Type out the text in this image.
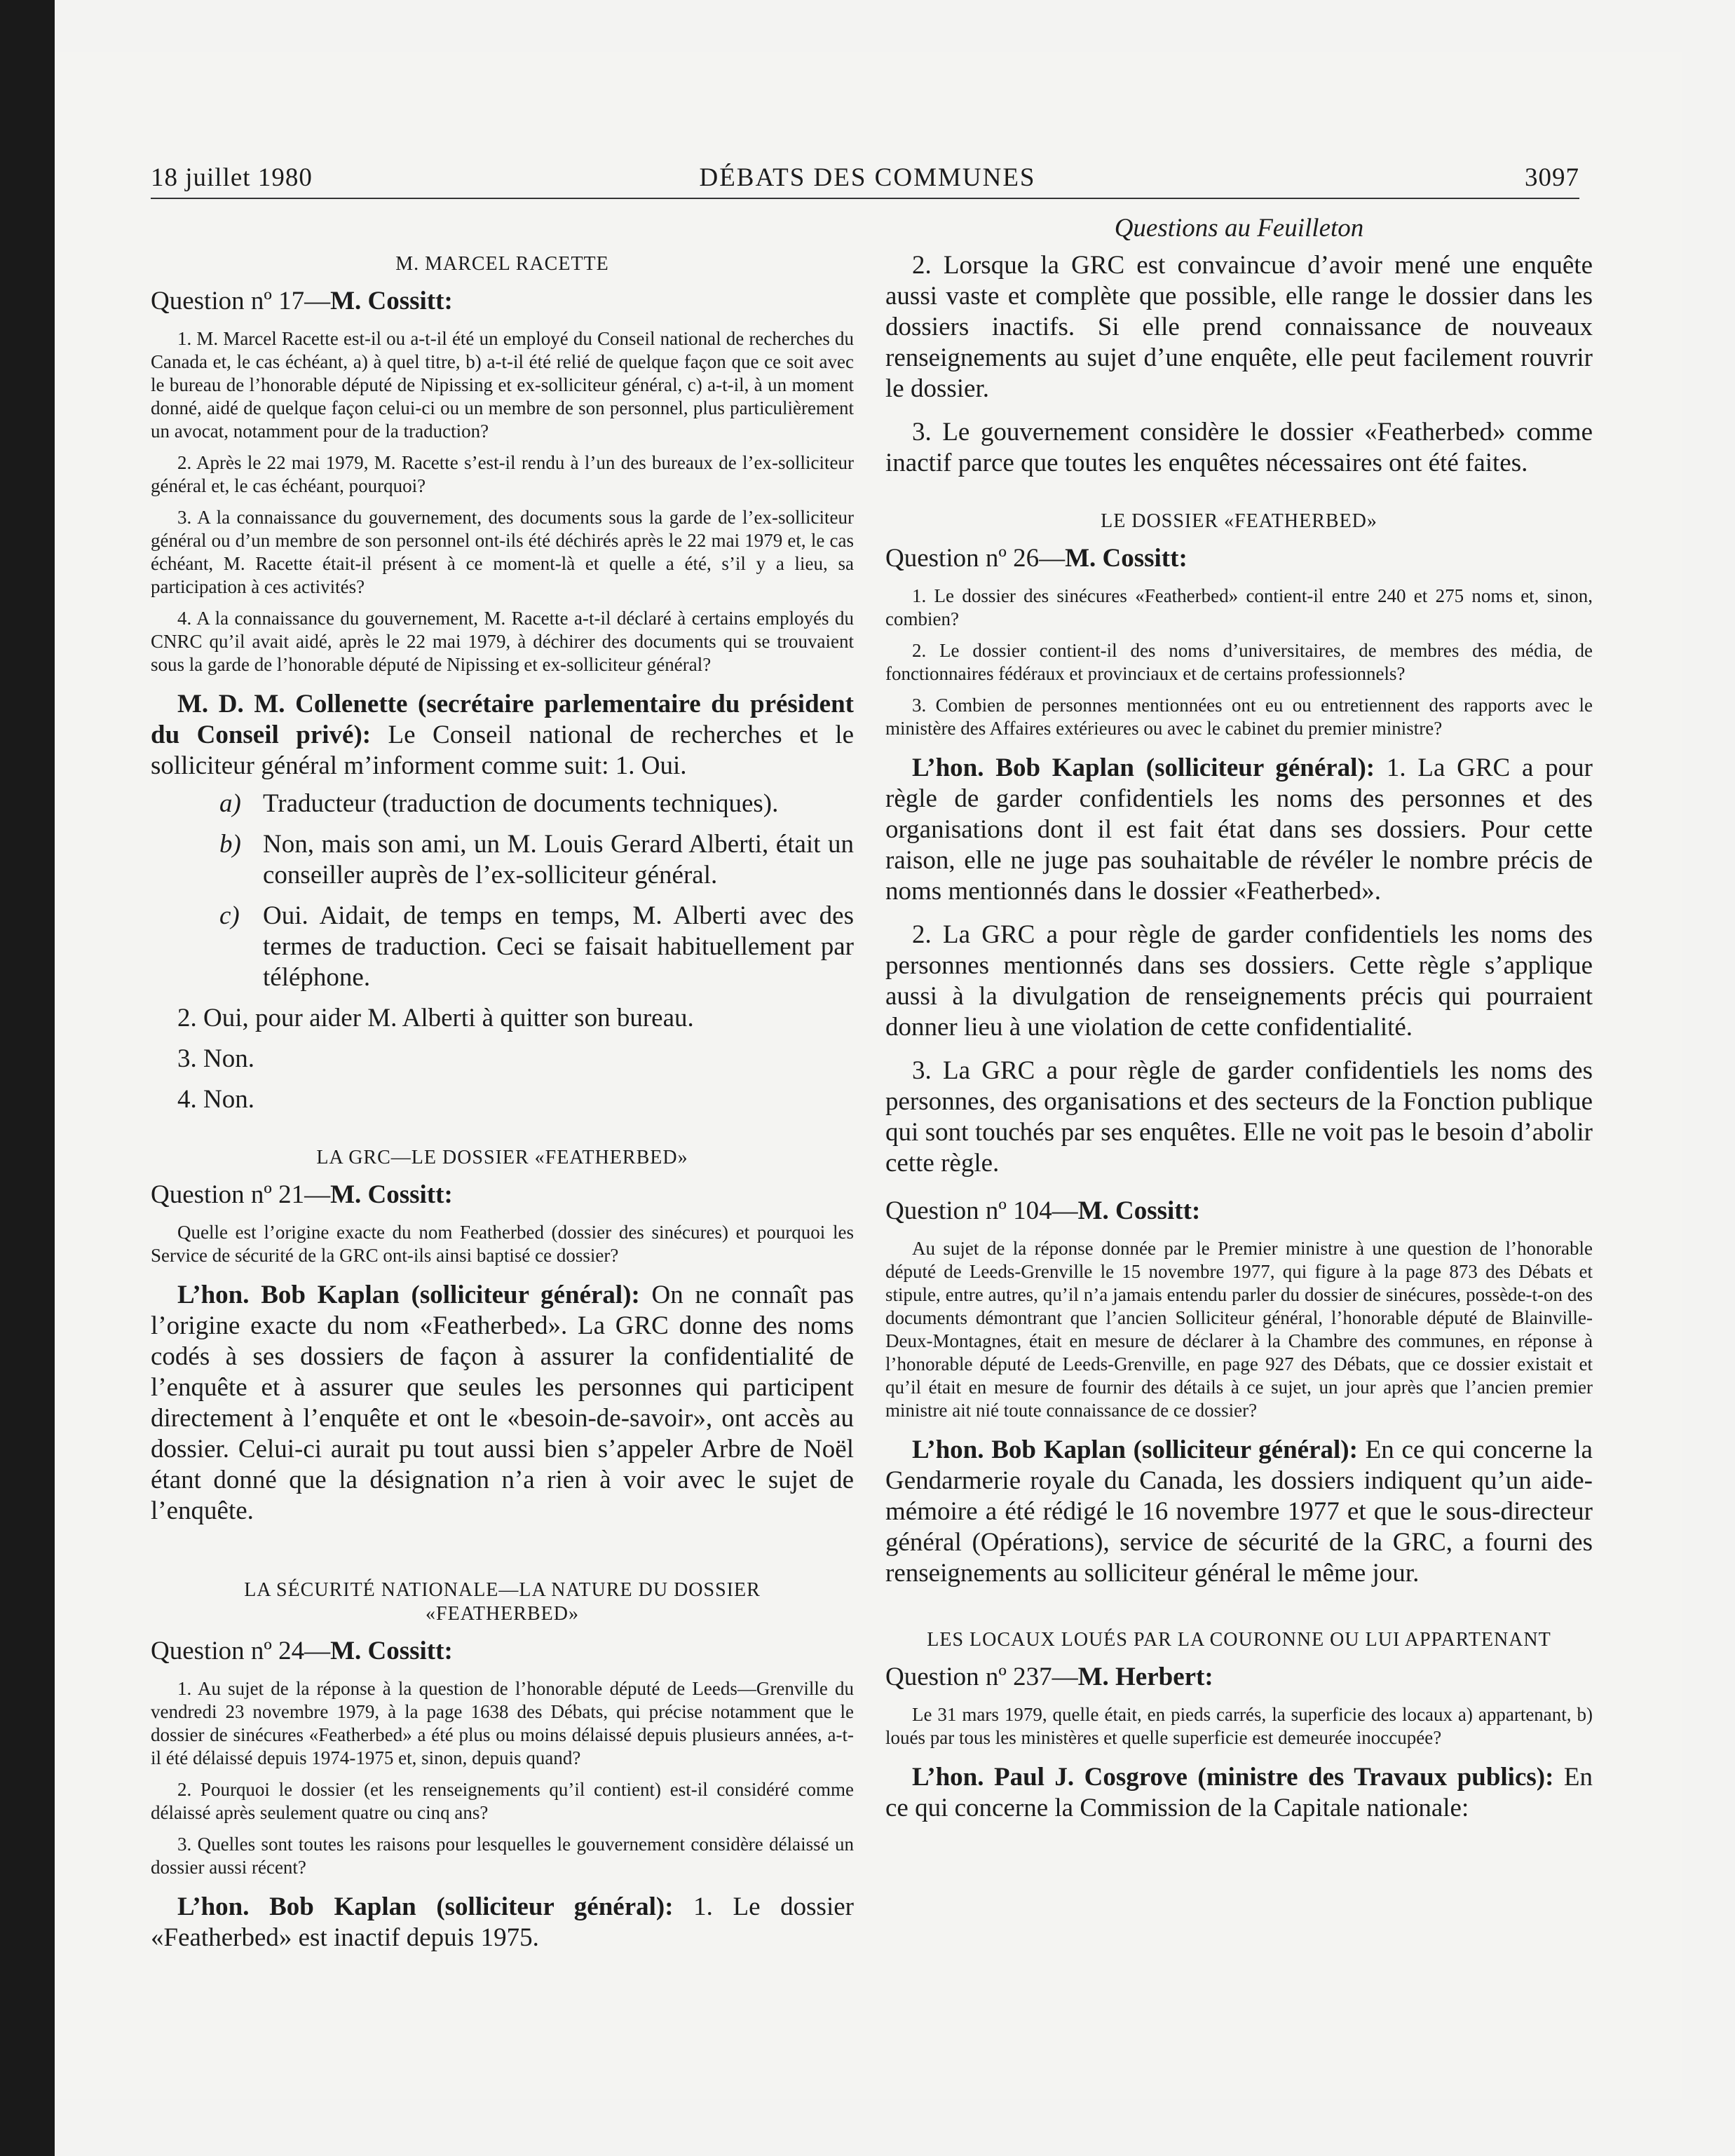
18 juillet 1980	DÉBATS DES COMMUNES	3097
M. MARCEL RACETTE
Question nº 17—M. Cossitt:

1. M. Marcel Racette est-il ou a-t-il été un employé du Conseil national de recherches du Canada et, le cas échéant, a) à quel titre, b) a-t-il été relié de quelque façon que ce soit avec le bureau de l’honorable député de Nipissing et ex-solliciteur général, c) a-t-il, à un moment donné, aidé de quelque façon celui-ci ou un membre de son personnel, plus particulièrement un avocat, notamment pour de la traduction?

2. Après le 22 mai 1979, M. Racette s’est-il rendu à l’un des bureaux de l’ex-solliciteur général et, le cas échéant, pourquoi?

3. A la connaissance du gouvernement, des documents sous la garde de l’ex-solliciteur général ou d’un membre de son personnel ont-ils été déchirés après le 22 mai 1979 et, le cas échéant, M. Racette était-il présent à ce moment-là et quelle a été, s’il y a lieu, sa participation à ces activités?

4. A la connaissance du gouvernement, M. Racette a-t-il déclaré à certains employés du CNRC qu’il avait aidé, après le 22 mai 1979, à déchirer des documents qui se trouvaient sous la garde de l’honorable député de Nipissing et ex-solliciteur général?

M. D. M. Collenette (secrétaire parlementaire du président du Conseil privé): Le Conseil national de recherches et le solliciteur général m’informent comme suit: 1. Oui.

a) Traducteur (traduction de documents techniques).
b) Non, mais son ami, un M. Louis Gerard Alberti, était un conseiller auprès de l’ex-solliciteur général.
c) Oui. Aidait, de temps en temps, M. Alberti avec des termes de traduction. Ceci se faisait habituellement par téléphone.
2. Oui, pour aider M. Alberti à quitter son bureau.
3. Non.
4. Non.
LA GRC—LE DOSSIER «FEATHERBED»
Question nº 21—M. Cossitt:

Quelle est l’origine exacte du nom Featherbed (dossier des sinécures) et pourquoi les Service de sécurité de la GRC ont-ils ainsi baptisé ce dossier?

L’hon. Bob Kaplan (solliciteur général): On ne connaît pas l’origine exacte du nom «Featherbed». La GRC donne des noms codés à ses dossiers de façon à assurer la confidentialité de l’enquête et à assurer que seules les personnes qui participent directement à l’enquête et ont le «besoin-de-savoir», ont accès au dossier. Celui-ci aurait pu tout aussi bien s’appeler Arbre de Noël étant donné que la désignation n’a rien à voir avec le sujet de l’enquête.

LA SÉCURITÉ NATIONALE—LA NATURE DU DOSSIER
«FEATHERBED»
Question nº 24—M. Cossitt:

1. Au sujet de la réponse à la question de l’honorable député de Leeds—Grenville du vendredi 23 novembre 1979, à la page 1638 des Débats, qui précise notamment que le dossier de sinécures «Featherbed» a été plus ou moins délaissé depuis plusieurs années, a-t-il été délaissé depuis 1974-1975 et, sinon, depuis quand?

2. Pourquoi le dossier (et les renseignements qu’il contient) est-il considéré comme délaissé après seulement quatre ou cinq ans?

3. Quelles sont toutes les raisons pour lesquelles le gouvernement considère délaissé un dossier aussi récent?

L’hon. Bob Kaplan (solliciteur général): 1. Le dossier «Featherbed» est inactif depuis 1975.

Questions au Feuilleton

2. Lorsque la GRC est convaincue d’avoir mené une enquête aussi vaste et complète que possible, elle range le dossier dans les dossiers inactifs. Si elle prend connaissance de nouveaux renseignements au sujet d’une enquête, elle peut facilement rouvrir le dossier.

3. Le gouvernement considère le dossier «Featherbed» comme inactif parce que toutes les enquêtes nécessaires ont été faites.

LE DOSSIER «FEATHERBED»
Question nº 26—M. Cossitt:

1. Le dossier des sinécures «Featherbed» contient-il entre 240 et 275 noms et, sinon, combien?

2. Le dossier contient-il des noms d’universitaires, de membres des média, de fonctionnaires fédéraux et provinciaux et de certains professionnels?

3. Combien de personnes mentionnées ont eu ou entretiennent des rapports avec le ministère des Affaires extérieures ou avec le cabinet du premier ministre?

L’hon. Bob Kaplan (solliciteur général): 1. La GRC a pour règle de garder confidentiels les noms des personnes et des organisations dont il est fait état dans ses dossiers. Pour cette raison, elle ne juge pas souhaitable de révéler le nombre précis de noms mentionnés dans le dossier «Featherbed».

2. La GRC a pour règle de garder confidentiels les noms des personnes mentionnés dans ses dossiers. Cette règle s’applique aussi à la divulgation de renseignements précis qui pourraient donner lieu à une violation de cette confidentialité.

3. La GRC a pour règle de garder confidentiels les noms des personnes, des organisations et des secteurs de la Fonction publique qui sont touchés par ses enquêtes. Elle ne voit pas le besoin d’abolir cette règle.

Question nº 104—M. Cossitt:

Au sujet de la réponse donnée par le Premier ministre à une question de l’honorable député de Leeds-Grenville le 15 novembre 1977, qui figure à la page 873 des Débats et stipule, entre autres, qu’il n’a jamais entendu parler du dossier de sinécures, possède-t-on des documents démontrant que l’ancien Solliciteur général, l’honorable député de Blainville-Deux-Montagnes, était en mesure de déclarer à la Chambre des communes, en réponse à l’honorable député de Leeds-Grenville, en page 927 des Débats, que ce dossier existait et qu’il était en mesure de fournir des détails à ce sujet, un jour après que l’ancien premier ministre ait nié toute connaissance de ce dossier?

L’hon. Bob Kaplan (solliciteur général): En ce qui concerne la Gendarmerie royale du Canada, les dossiers indiquent qu’un aide-mémoire a été rédigé le 16 novembre 1977 et que le sous-directeur général (Opérations), service de sécurité de la GRC, a fourni des renseignements au solliciteur général le même jour.

LES LOCAUX LOUÉS PAR LA COURONNE OU LUI APPARTENANT
Question nº 237—M. Herbert:

Le 31 mars 1979, quelle était, en pieds carrés, la superficie des locaux a) appartenant, b) loués par tous les ministères et quelle superficie est demeurée inoccupée?

L’hon. Paul J. Cosgrove (ministre des Travaux publics): En ce qui concerne la Commission de la Capitale nationale:
